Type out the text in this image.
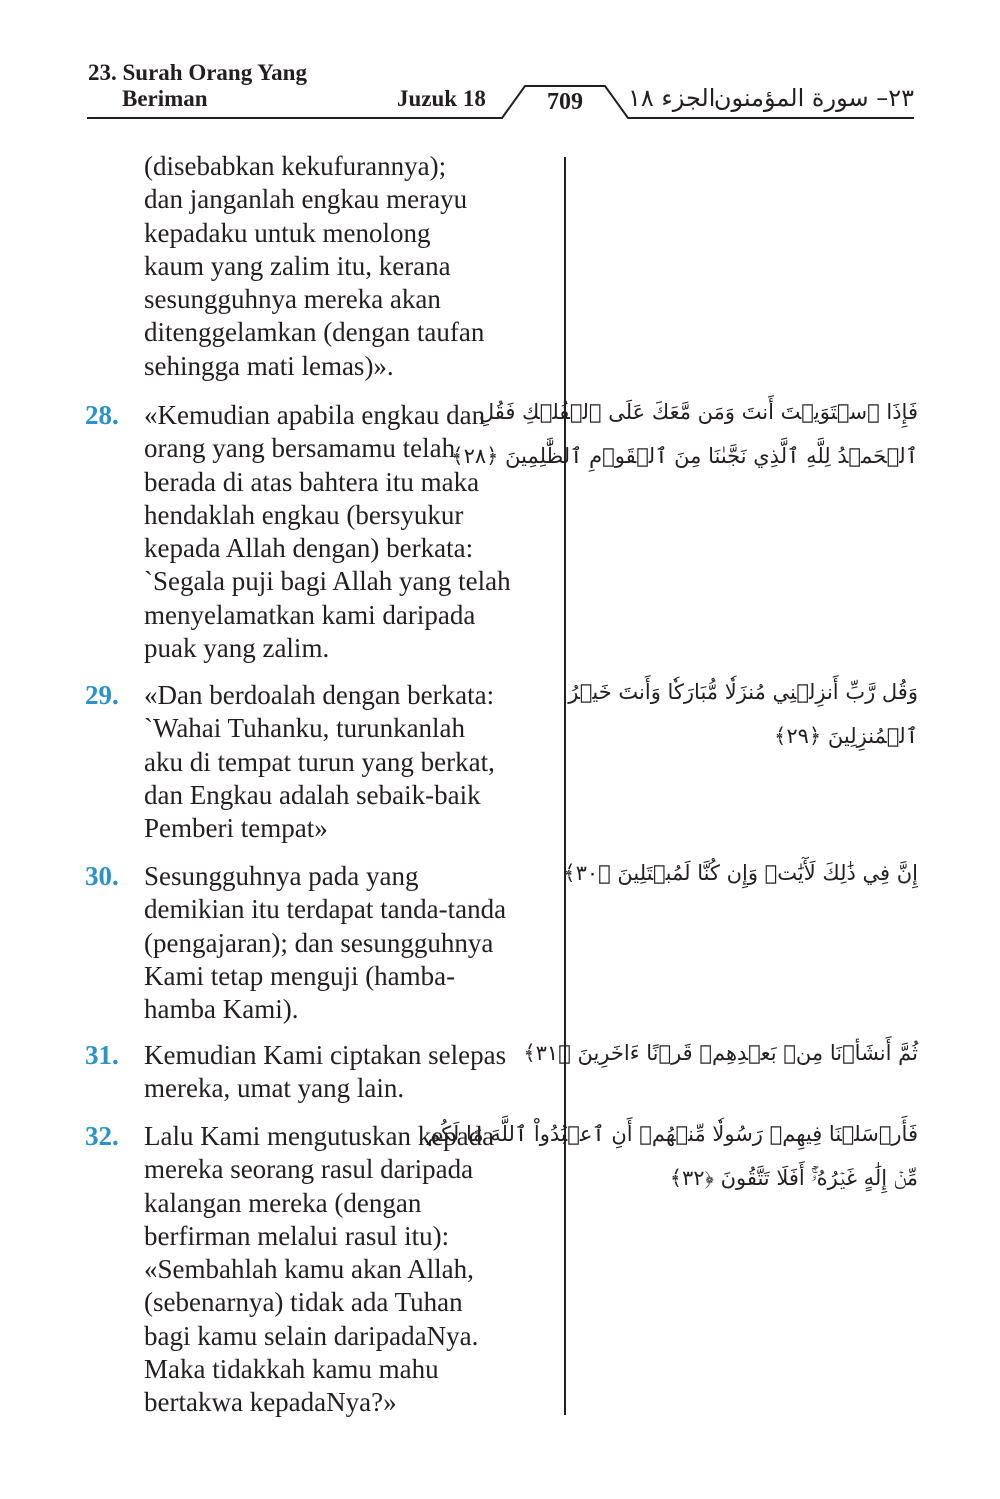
23. Surah Orang Yang
Beriman	Juzuk 18	709	الجزء ١٨
٢٣– سورة المؤمنون
(disebabkan kekufurannya);
dan janganlah engkau merayu
kepadaku untuk menolong
kaum yang zalim itu, kerana
sesungguhnya mereka akan
ditenggelamkan (dengan taufan
sehingga mati lemas)».
28. «Kemudian apabila engkau dan
orang yang bersamamu telah
berada di atas bahtera itu maka
hendaklah engkau (bersyukur
kepada Allah dengan) berkata:
`Segala puji bagi Allah yang telah
menyelamatkan kami daripada
puak yang zalim.
29. «Dan berdoalah dengan berkata:
`Wahai Tuhanku, turunkanlah
aku di tempat turun yang berkat,
dan Engkau adalah sebaik-baik
Pemberi tempat»
30. Sesungguhnya pada yang
demikian itu terdapat tanda-tanda
(pengajaran); dan sesungguhnya
Kami tetap menguji (hamba-
hamba Kami).
31. Kemudian Kami ciptakan selepas
mereka, umat yang lain.
32. Lalu Kami mengutuskan kepada
mereka seorang rasul daripada
kalangan mereka (dengan
berfirman melalui rasul itu):
«Sembahlah kamu akan Allah,
(sebenarnya) tidak ada Tuhan
bagi kamu selain daripadaNya.
Maka tidakkah kamu mahu
bertakwa kepadaNya?»
فَإِذَا ٱسۡتَوَيۡتَ أَنتَ وَمَن مَّعَكَ عَلَى ٱلۡفُلۡكِ فَقُلِ
ٱلۡحَمۡدُ لِلَّهِ ٱلَّذِي نَجَّىٰنَا مِنَ ٱلۡقَوۡمِ ٱلظَّٰلِمِينَ ﴿٢٨﴾
وَقُل رَّبِّ أَنزِلۡنِي مُنزَلٗا مُّبَارَكٗا وَأَنتَ خَيۡرُ
ٱلۡمُنزِلِينَ ﴿٢٩﴾
إِنَّ فِي ذَٰلِكَ لَأٓيَٰتٖ وَإِن كُنَّا لَمُبۡتَلِينَ ﴿٣٠﴾
ثُمَّ أَنشَأۡنَا مِنۢ بَعۡدِهِمۡ قَرۡنًا ءَاخَرِينَ ﴿٣١﴾
فَأَرۡسَلۡنَا فِيهِمۡ رَسُولٗا مِّنۡهُمۡ أَنِ ٱعۡبُدُواْ ٱللَّهَ مَا لَكُم
مِّنۡ إِلَٰهٍ غَيۡرُهُۥٓۚ أَفَلَا تَتَّقُونَ ﴿٣٢﴾
